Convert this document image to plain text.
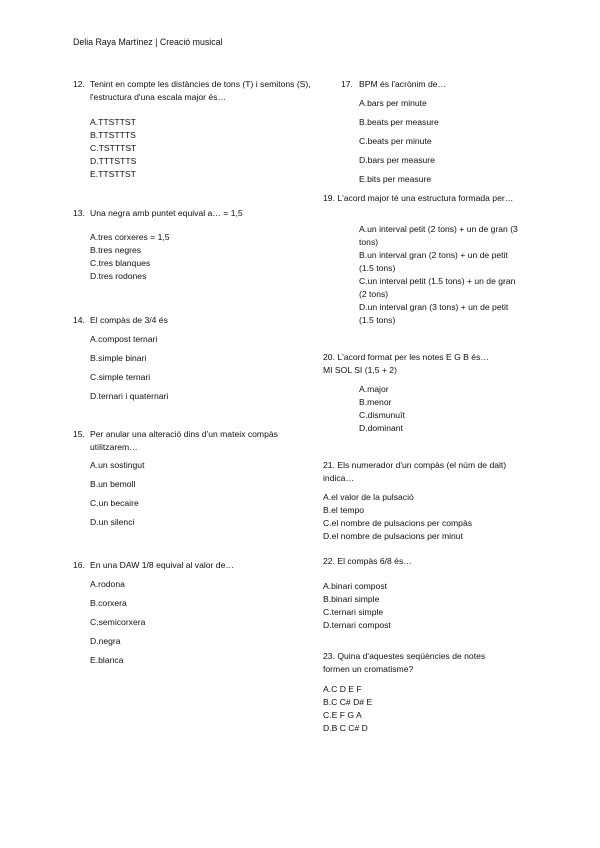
Delia Raya Martínez | Creació musical
12. Tenint en compte les distàncies de tons (T) i semitons (S), l'estructura d'una escala major és…
A.TTSTTST
B.TTSTTTS
C.TSTTTST
D.TTTSTTS
E.TTSTTST
13. Una negra amb puntet equival a… = 1,5
A.tres corxeres = 1,5
B.tres negres
C.tres blanques
D.tres rodones
14. El compàs de 3/4 és
A.compost ternari
B.simple binari
C.simple ternari
D.ternari i quaternari
15. Per anular una alteració dins d'un mateix compàs utilitzarem…
A.un sostingut
B.un bemoll
C.un becaire
D.un silenci
16. En una DAW 1/8 equival al valor de…
A.rodona
B.corxera
C.semicorxera
D.negra
E.blanca
17. BPM és l'acrònim de…
A.bars per minute
B.beats per measure
C.beats per minute
D.bars per measure
E.bits per measure
19. L'acord major té una estructura formada per…
A.un interval petit (2 tons) + un de gran (3 tons)
B.un interval gran (2 tons) + un de petit (1.5 tons)
C.un interval petit (1.5 tons) + un de gran (2 tons)
D.un interval gran (3 tons) + un de petit (1.5 tons)
20. L'acord format per les notes E G B és…
MI SOL SI (1,5 + 2)
A.major
B.menor
C.dismunuït
D.dominant
21. Els numerador d'un compàs (el núm de dalt) indica…
A.el valor de la pulsació
B.el tempo
C.el nombre de pulsacions per compàs
D.el nombre de pulsacions per minut
22. El compàs 6/8 és…
A.binari compost
B.binari simple
C.ternari simple
D.ternari compost
23. Quina d'aquestes seqüències de notes formen un cromatisme?
A.C D E F
B.C C# D# E
C.E F G A
D.B C C# D
